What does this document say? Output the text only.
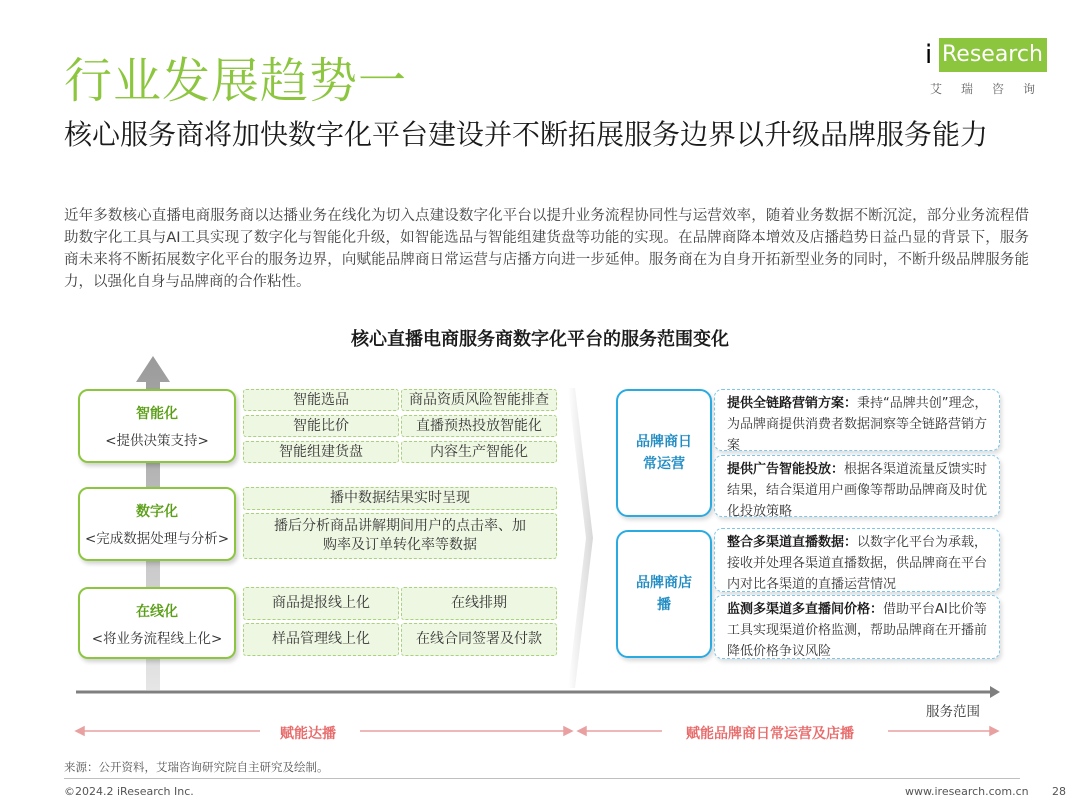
行业发展趋势一
核心服务商将加快数字化平台建设并不断拓展服务边界以升级品牌服务能力
近年多数核心直播电商服务商以达播业务在线化为切入点建设数字化平台以提升业务流程协同性与运营效率，随着业务数据不断沉淀，部分业务流程借助数字化工具与AI工具实现了数字化与智能化升级，如智能选品与智能组建货盘等功能的实现。在品牌商降本增效及店播趋势日益凸显的背景下，服务商未来将不断拓展数字化平台的服务边界，向赋能品牌商日常运营与店播方向进一步延伸。服务商在为自身开拓新型业务的同时，不断升级品牌服务能力，以强化自身与品牌商的合作粘性。
i Research
艾瑞咨询
核心直播电商服务商数字化平台的服务范围变化
智能化
<提供决策支持>
智能选品	商品资质风险智能排查
智能比价	直播预热投放智能化
智能组建货盘	内容生产智能化
数字化
<完成数据处理与分析>
播中数据结果实时呈现
播后分析商品讲解期间用户的点击率、加购率及订单转化率等数据
在线化
<将业务流程线上化>
商品提报线上化	在线排期
样品管理线上化	在线合同签署及付款
品牌商日常运营
提供全链路营销方案：秉持“品牌共创”理念，为品牌商提供消费者数据洞察等全链路营销方案
提供广告智能投放：根据各渠道流量反馈实时结果，结合渠道用户画像等帮助品牌商及时优化投放策略
品牌商店播
整合多渠道直播数据：以数字化平台为承载，接收并处理各渠道直播数据，供品牌商在平台内对比各渠道的直播运营情况
监测多渠道多直播间价格：借助平台AI比价等工具实现渠道价格监测，帮助品牌商在开播前降低价格争议风险
服务范围
赋能达播	赋能品牌商日常运营及店播
来源：公开资料，艾瑞咨询研究院自主研究及绘制。
©2024.2 iResearch Inc.	www.iresearch.com.cn 28
